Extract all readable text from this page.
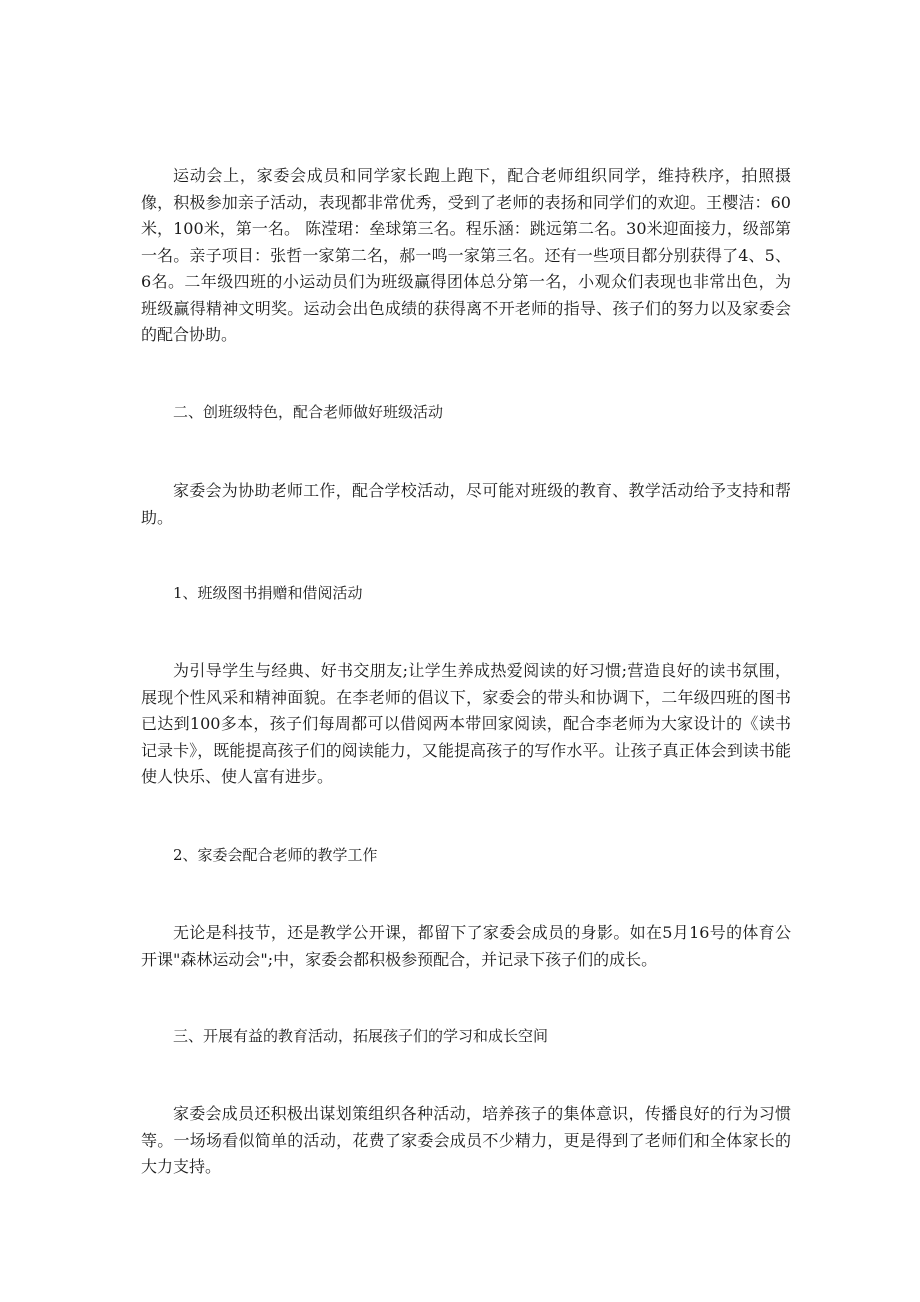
运动会上，家委会成员和同学家长跑上跑下，配合老师组织同学，维持秩序，拍照摄像，积极参加亲子活动，表现都非常优秀，受到了老师的表扬和同学们的欢迎。王樱洁：60米，100米，第一名。 陈滢珺：垒球第三名。程乐涵：跳远第二名。30米迎面接力，级部第一名。亲子项目：张哲一家第二名，郝一鸣一家第三名。还有一些项目都分别获得了4、5、6名。二年级四班的小运动员们为班级赢得团体总分第一名，小观众们表现也非常出色，为班级赢得精神文明奖。运动会出色成绩的获得离不开老师的指导、孩子们的努力以及家委会的配合协助。

二、创班级特色，配合老师做好班级活动

家委会为协助老师工作，配合学校活动，尽可能对班级的教育、教学活动给予支持和帮助。

1、班级图书捐赠和借阅活动

为引导学生与经典、好书交朋友;让学生养成热爱阅读的好习惯;营造良好的读书氛围，展现个性风采和精神面貌。在李老师的倡议下，家委会的带头和协调下，二年级四班的图书已达到100多本，孩子们每周都可以借阅两本带回家阅读，配合李老师为大家设计的《读书记录卡》，既能提高孩子们的阅读能力，又能提高孩子的写作水平。让孩子真正体会到读书能使人快乐、使人富有进步。

2、家委会配合老师的教学工作

无论是科技节，还是教学公开课，都留下了家委会成员的身影。如在5月16号的体育公开课"森林运动会";中，家委会都积极参预配合，并记录下孩子们的成长。

三、开展有益的教育活动，拓展孩子们的学习和成长空间

家委会成员还积极出谋划策组织各种活动，培养孩子的集体意识，传播良好的行为习惯等。一场场看似简单的活动，花费了家委会成员不少精力，更是得到了老师们和全体家长的大力支持。
